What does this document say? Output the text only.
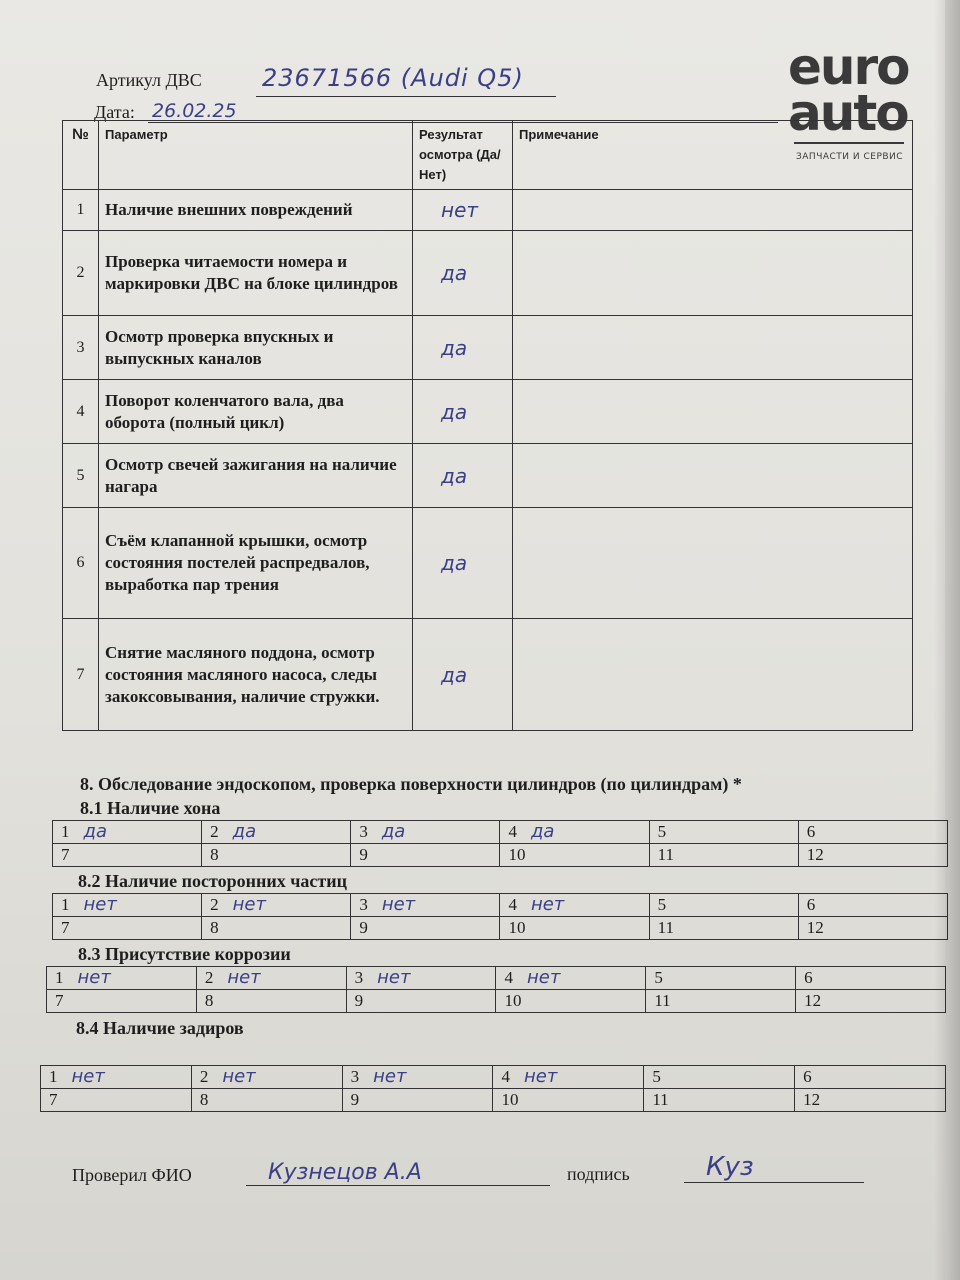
Артикул ДВС	23671566 (Audi Q5)
Дата: 26.02.25
euro
auto
ЗАПЧАСТИ И СЕРВИС
№	Параметр	Результат осмотра (Да/Нет)	Примечание
1	Наличие внешних повреждений	нет	
2	Проверка читаемости номера и маркировки ДВС на блоке цилиндров	да	
3	Осмотр проверка впускных и выпускных каналов	да	
4	Поворот коленчатого вала, два оборота (полный цикл)	да	
5	Осмотр свечей зажигания на наличие нагара	да	
6	Съём клапанной крышки, осмотр состояния постелей распредвалов, выработка пар трения	да	
7	Снятие масляного поддона, осмотр состояния масляного насоса, следы закоксовывания, наличие стружки.	да	
8. Обследование эндоскопом, проверка поверхности цилиндров (по цилиндрам) *
8.1 Наличие хона
1 да	2 да	3 да	4 да	5	6
7	8	9	10	11	12
8.2 Наличие посторонних частиц
1 нет	2 нет	3 нет	4 нет	5	6
7	8	9	10	11	12
8.3 Присутствие коррозии
1 нет	2 нет	3 нет	4 нет	5	6
7	8	9	10	11	12
8.4 Наличие задиров
1 нет	2 нет	3 нет	4 нет	5	6
7	8	9	10	11	12
Проверил ФИО	Кузнецов А.А	подпись	Куз
